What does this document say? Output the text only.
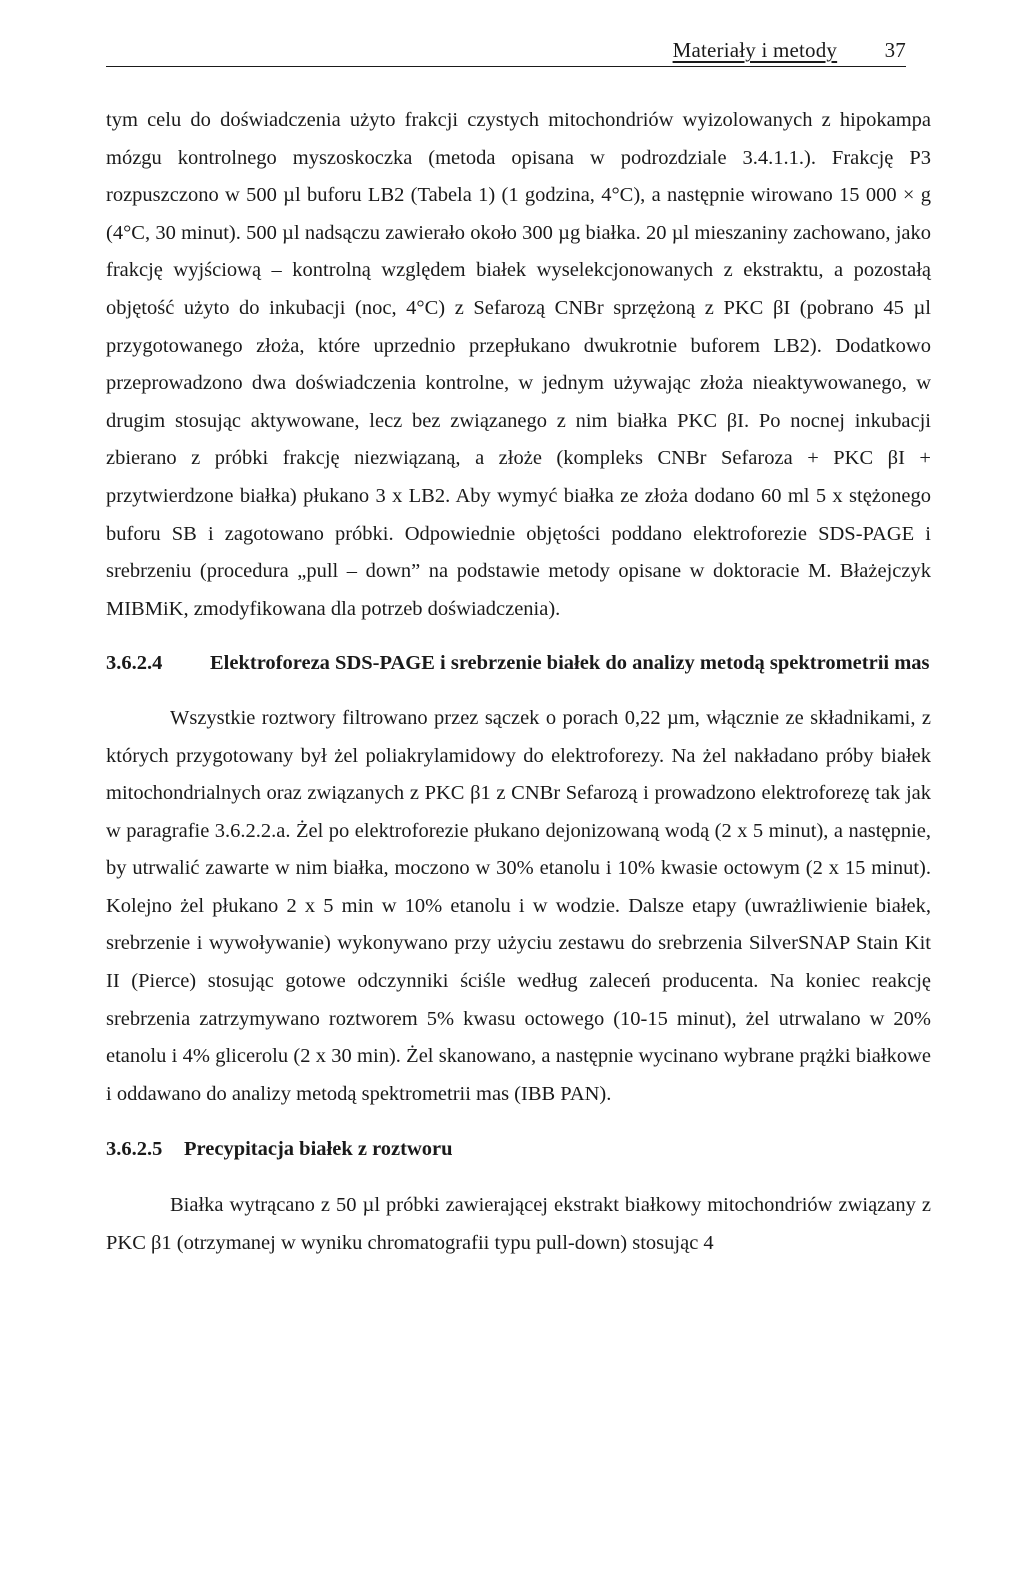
Materiały i metody 37

tym celu do doświadczenia użyto frakcji czystych mitochondriów wyizolowanych z hipokampa mózgu kontrolnego myszoskoczka (metoda opisana w podrozdziale 3.4.1.1.). Frakcję P3 rozpuszczono w 500 µl buforu LB2 (Tabela 1) (1 godzina, 4°C), a następnie wirowano 15 000 × g (4°C, 30 minut). 500 µl nadsączu zawierało około 300 µg białka. 20 µl mieszaniny zachowano, jako frakcję wyjściową – kontrolną względem białek wyselekcjonowanych z ekstraktu, a pozostałą objętość użyto do inkubacji (noc, 4°C) z Sefarozą CNBr sprzężoną z PKC βI (pobrano 45 µl przygotowanego złoża, które uprzednio przepłukano dwukrotnie buforem LB2). Dodatkowo przeprowadzono dwa doświadczenia kontrolne, w jednym używając złoża nieaktywowanego, w drugim stosując aktywowane, lecz bez związanego z nim białka PKC βI. Po nocnej inkubacji zbierano z próbki frakcję niezwiązaną, a złoże (kompleks CNBr Sefaroza + PKC βI + przytwierdzone białka) płukano 3 x LB2. Aby wymyć białka ze złoża dodano 60 ml 5 x stężonego buforu SB i zagotowano próbki. Odpowiednie objętości poddano elektroforezie SDS-PAGE i srebrzeniu (procedura „pull – down” na podstawie metody opisane w doktoracie M. Błażejczyk MIBMiK, zmodyfikowana dla potrzeb doświadczenia).

3.6.2.4	Elektroforeza SDS-PAGE i srebrzenie białek do analizy metodą spektrometrii mas

Wszystkie roztwory filtrowano przez sączek o porach 0,22 µm, włącznie ze składnikami, z których przygotowany był żel poliakrylamidowy do elektroforezy. Na żel nakładano próby białek mitochondrialnych oraz związanych z PKC β1 z CNBr Sefarozą i prowadzono elektroforezę tak jak w paragrafie 3.6.2.2.a. Żel po elektroforezie płukano dejonizowaną wodą (2 x 5 minut), a następnie, by utrwalić zawarte w nim białka, moczono w 30% etanolu i 10% kwasie octowym (2 x 15 minut). Kolejno żel płukano 2 x 5 min w 10% etanolu i w wodzie. Dalsze etapy (uwrażliwienie białek, srebrzenie i wywoływanie) wykonywano przy użyciu zestawu do srebrzenia SilverSNAP Stain Kit II (Pierce) stosując gotowe odczynniki ściśle według zaleceń producenta. Na koniec reakcję srebrzenia zatrzymywano roztworem 5% kwasu octowego (10-15 minut), żel utrwalano w 20% etanolu i 4% glicerolu (2 x 30 min). Żel skanowano, a następnie wycinano wybrane prążki białkowe i oddawano do analizy metodą spektrometrii mas (IBB PAN).

3.6.2.5	Precypitacja białek z roztworu

Białka wytrącano z 50 µl próbki zawierającej ekstrakt białkowy mitochondriów związany z PKC β1 (otrzymanej w wyniku chromatografii typu pull-down) stosując 4
